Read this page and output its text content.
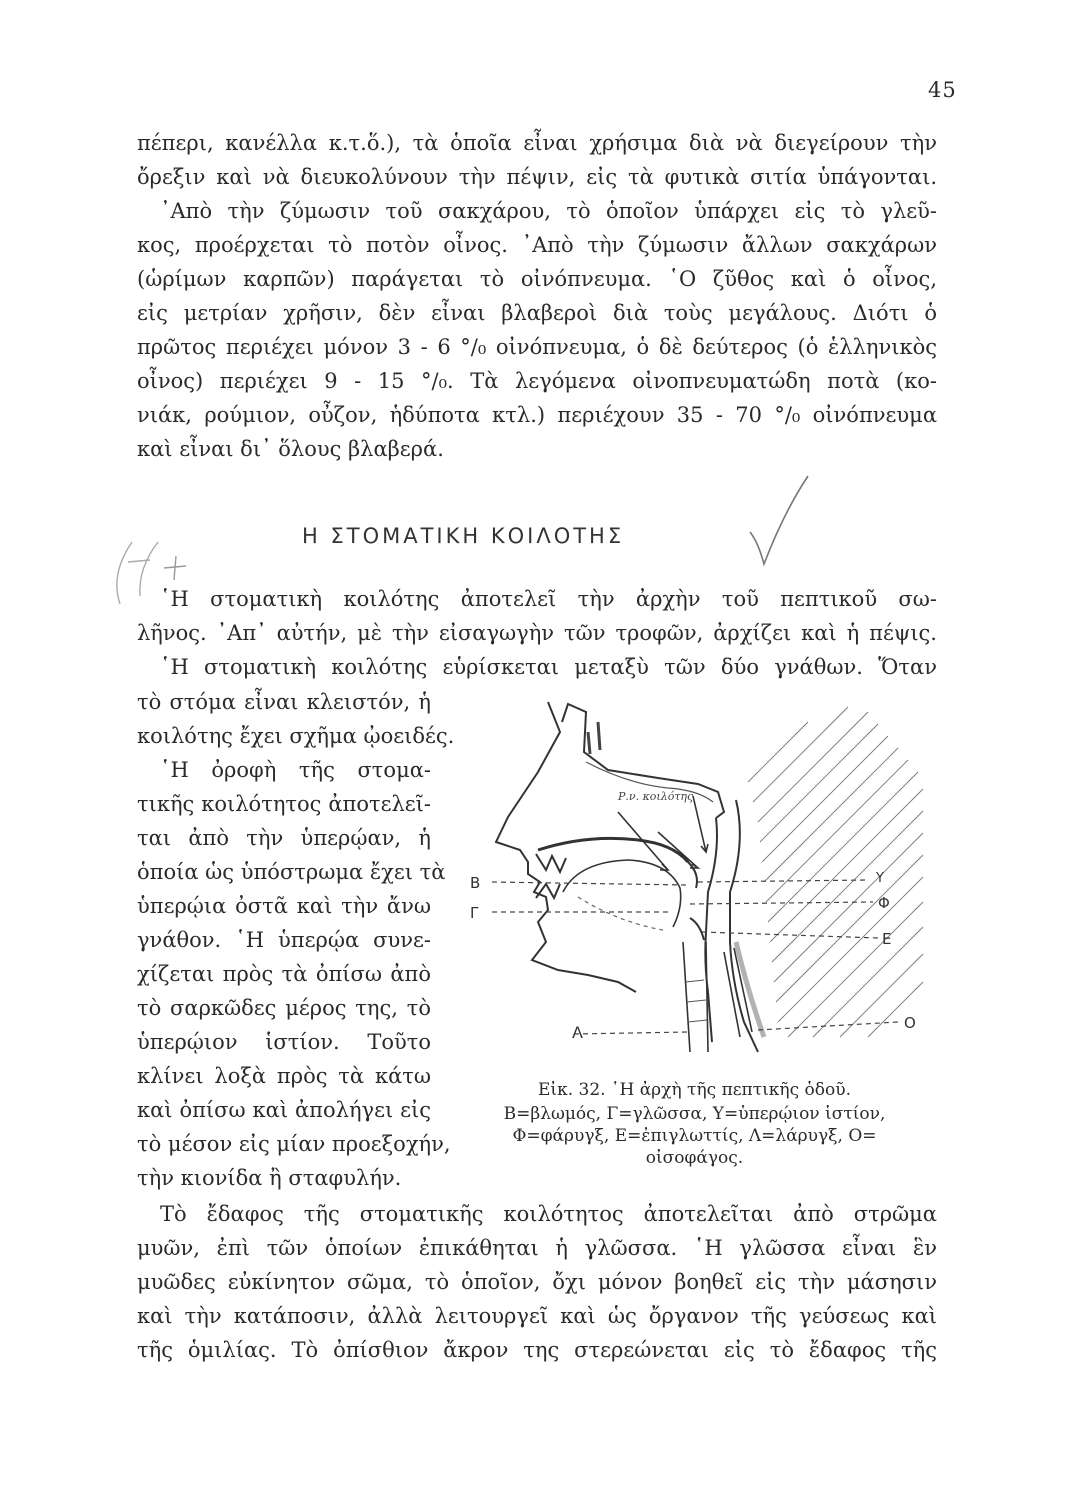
45
πέπερι, κανέλλα κ.τ.ὅ.), τὰ ὁποῖα εἶναι χρήσιμα διὰ νὰ διεγείρουν τὴν
ὄρεξιν καὶ νὰ διευκολύνουν τὴν πέψιν, εἰς τὰ φυτικὰ σιτία ὑπάγονται.
᾿Απὸ τὴν ζύμωσιν τοῦ σακχάρου, τὸ ὁποῖον ὑπάρχει εἰς τὸ γλεῦ-
κος, προέρχεται τὸ ποτὸν οἶνος. ᾿Απὸ τὴν ζύμωσιν ἄλλων σακχάρων
(ὡρίμων καρπῶν) παράγεται τὸ οἰνόπνευμα. ῾Ο ζῦθος καὶ ὁ οἶνος,
εἰς μετρίαν χρῆσιν, δὲν εἶναι βλαβεροὶ διὰ τοὺς μεγάλους. Διότι ὁ
πρῶτος περιέχει μόνον 3 - 6 °/₀ οἰνόπνευμα, ὁ δὲ δεύτερος (ὁ ἑλληνικὸς
οἶνος) περιέχει 9 - 15 °/₀. Τὰ λεγόμενα οἰνοπνευματώδη ποτὰ (κο-
νιάκ, ρούμιον, οὖζον, ἡδύποτα κτλ.) περιέχουν 35 - 70 °/₀ οἰνόπνευμα
καὶ εἶναι δι᾿ ὅλους βλαβερά.
Η ΣΤΟΜΑΤΙΚΗ ΚΟΙΛΟΤΗΣ
῾Η στοματικὴ κοιλότης ἀποτελεῖ τὴν ἀρχὴν τοῦ πεπτικοῦ σω-
λῆνος. ᾿Απ᾿ αὐτήν, μὲ τὴν εἰσαγωγὴν τῶν τροφῶν, ἀρχίζει καὶ ἡ πέψις.
῾Η στοματικὴ κοιλότης εὑρίσκεται μεταξὺ τῶν δύο γνάθων. Ὅταν
τὸ στόμα εἶναι κλειστόν, ἡ
κοιλότης ἔχει σχῆμα ᾠοειδές.
῾Η ὀροφὴ τῆς στομα-
τικῆς κοιλότητος ἀποτελεῖ-
ται ἀπὸ τὴν ὑπερῴαν, ἡ
ὁποία ὡς ὑπόστρωμα ἔχει τὰ
ὑπερῴια ὀστᾶ καὶ τὴν ἄνω
γνάθον. ῾Η ὑπερῴα συνε-
χίζεται πρὸς τὰ ὀπίσω ἀπὸ
τὸ σαρκῶδες μέρος της, τὸ
ὑπερῴιον ἱστίον. Τοῦτο
κλίνει λοξὰ πρὸς τὰ κάτω
καὶ ὀπίσω καὶ ἀπολήγει εἰς
τὸ μέσον εἰς μίαν προεξοχήν,
τὴν κιονίδα ἢ σταφυλήν.
Ρ.ν. κοιλότης
Β
Γ
Υ
Φ
Ε
Λ	Ο
Εἰκ. 32. ῾Η ἀρχὴ τῆς πεπτικῆς ὁδοῦ.
Β=βλωμός, Γ=γλῶσσα, Υ=ὑπερῴιον ἱστίον,
Φ=φάρυγξ, Ε=ἐπιγλωττίς, Λ=λάρυγξ, Ο=
οἰσοφάγος.
Τὸ ἔδαφος τῆς στοματικῆς κοιλότητος ἀποτελεῖται ἀπὸ στρῶμα
μυῶν, ἐπὶ τῶν ὁποίων ἐπικάθηται ἡ γλῶσσα. ῾Η γλῶσσα εἶναι ἓν
μυῶδες εὐκίνητον σῶμα, τὸ ὁποῖον, ὄχι μόνον βοηθεῖ εἰς τὴν μάσησιν
καὶ τὴν κατάποσιν, ἀλλὰ λειτουργεῖ καὶ ὡς ὄργανον τῆς γεύσεως καὶ
τῆς ὁμιλίας. Τὸ ὀπίσθιον ἄκρον της στερεώνεται εἰς τὸ ἔδαφος τῆς
